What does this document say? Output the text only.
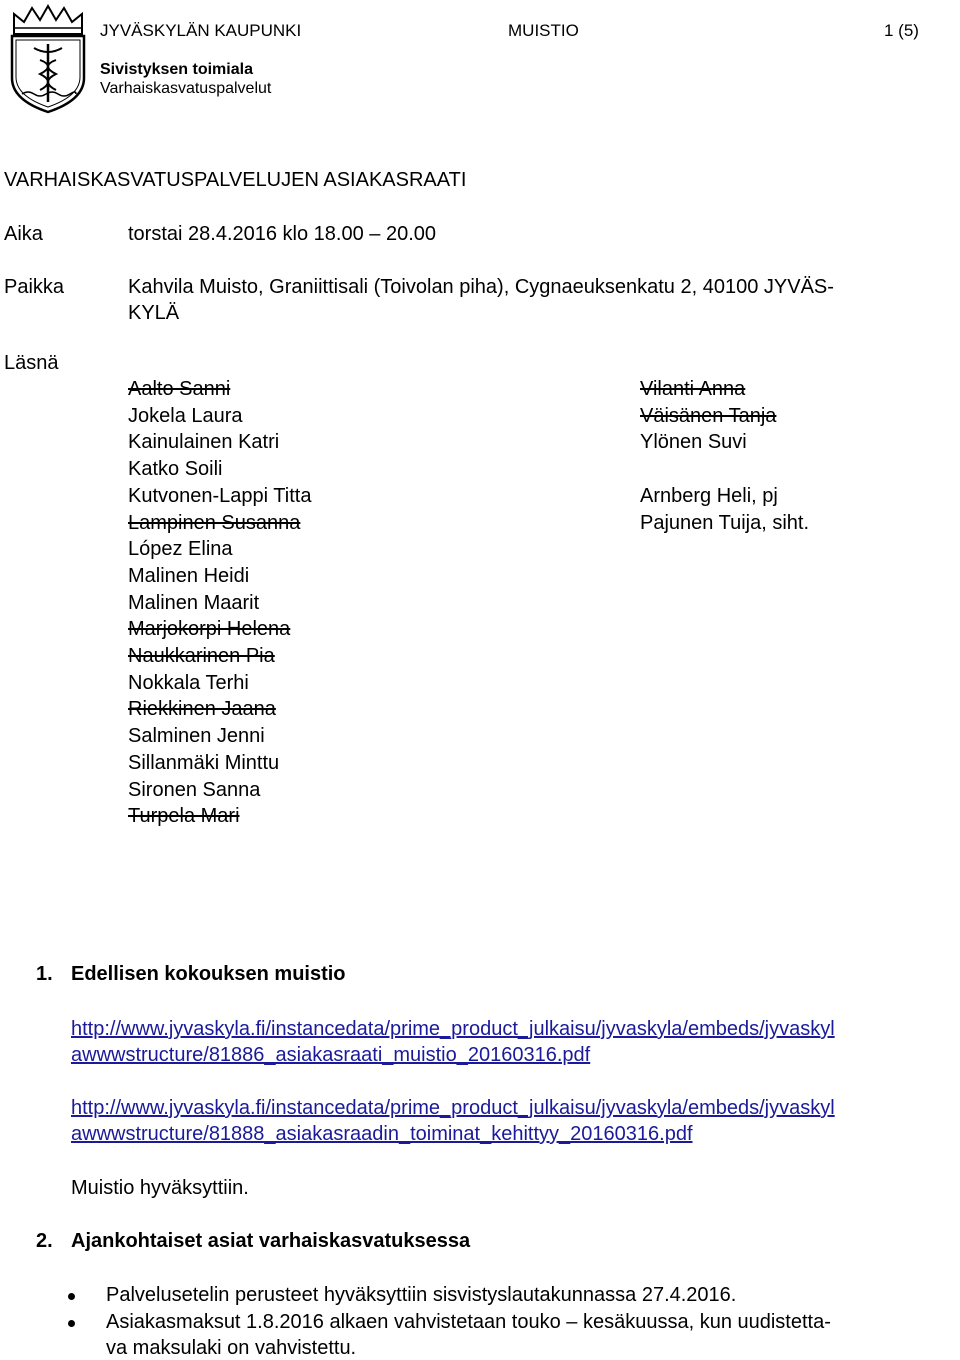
JYVÄSKYLÄN KAUPUNKI	MUISTIO	1 (5)
Sivistyksen toimiala
Varhaiskasvatuspalvelut
VARHAISKASVATUSPALVELUJEN ASIAKASRAATI
Aika	torstai 28.4.2016 klo 18.00 – 20.00
Paikka	Kahvila Muisto, Graniittisali (Toivolan piha), Cygnaeuksenkatu 2, 40100 JYVÄS-
KYLÄ
Läsnä
Aalto Sanni
Jokela Laura
Kainulainen Katri
Katko Soili
Kutvonen-Lappi Titta
Lampinen Susanna
López Elina
Malinen Heidi
Malinen Maarit
Marjokorpi Helena
Naukkarinen Pia
Nokkala Terhi
Riekkinen Jaana
Salminen Jenni
Sillanmäki Minttu
Sironen Sanna
Turpela Mari
Vilanti Anna
Väisänen Tanja
Ylönen Suvi

Arnberg Heli, pj
Pajunen Tuija, siht.
1. Edellisen kokouksen muistio
http://www.jyvaskyla.fi/instancedata/prime_product_julkaisu/jyvaskyla/embeds/jyvaskyl
awwwstructure/81886_asiakasraati_muistio_20160316.pdf
http://www.jyvaskyla.fi/instancedata/prime_product_julkaisu/jyvaskyla/embeds/jyvaskyl
awwwstructure/81888_asiakasraadin_toiminat_kehittyy_20160316.pdf
Muistio hyväksyttiin.
2. Ajankohtaiset asiat varhaiskasvatuksessa
Palvelusetelin perusteet hyväksyttiin sisvistyslautakunnassa 27.4.2016.
Asiakasmaksut 1.8.2016 alkaen vahvistetaan touko – kesäkuussa, kun uudistetta-
va maksulaki on vahvistettu.
